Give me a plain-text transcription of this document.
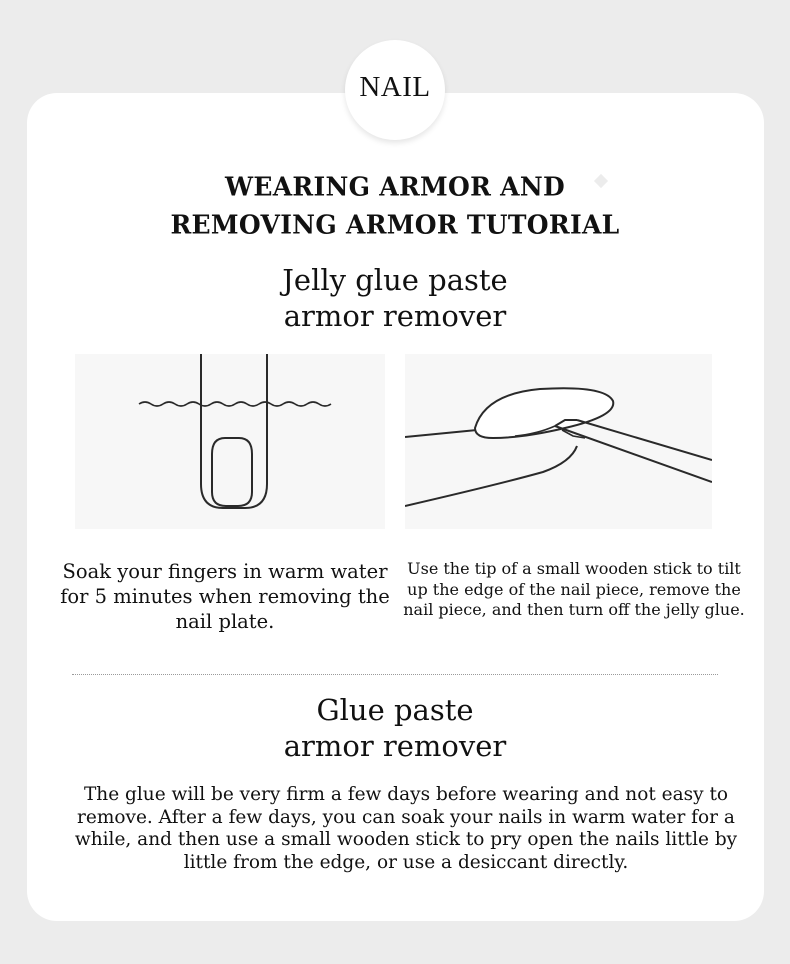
NAIL
WEARING ARMOR AND
REMOVING ARMOR TUTORIAL
Jelly glue paste
armor remover
Soak your fingers in warm water for 5 minutes when removing the nail plate.
Use the tip of a small wooden stick to tilt up the edge of the nail piece, remove the nail piece, and then turn off the jelly glue.
Glue paste
armor remover
The glue will be very firm a few days before wearing and not easy to remove. After a few days, you can soak your nails in warm water for a while, and then use a small wooden stick to pry open the nails little by little from the edge, or use a desiccant directly.
